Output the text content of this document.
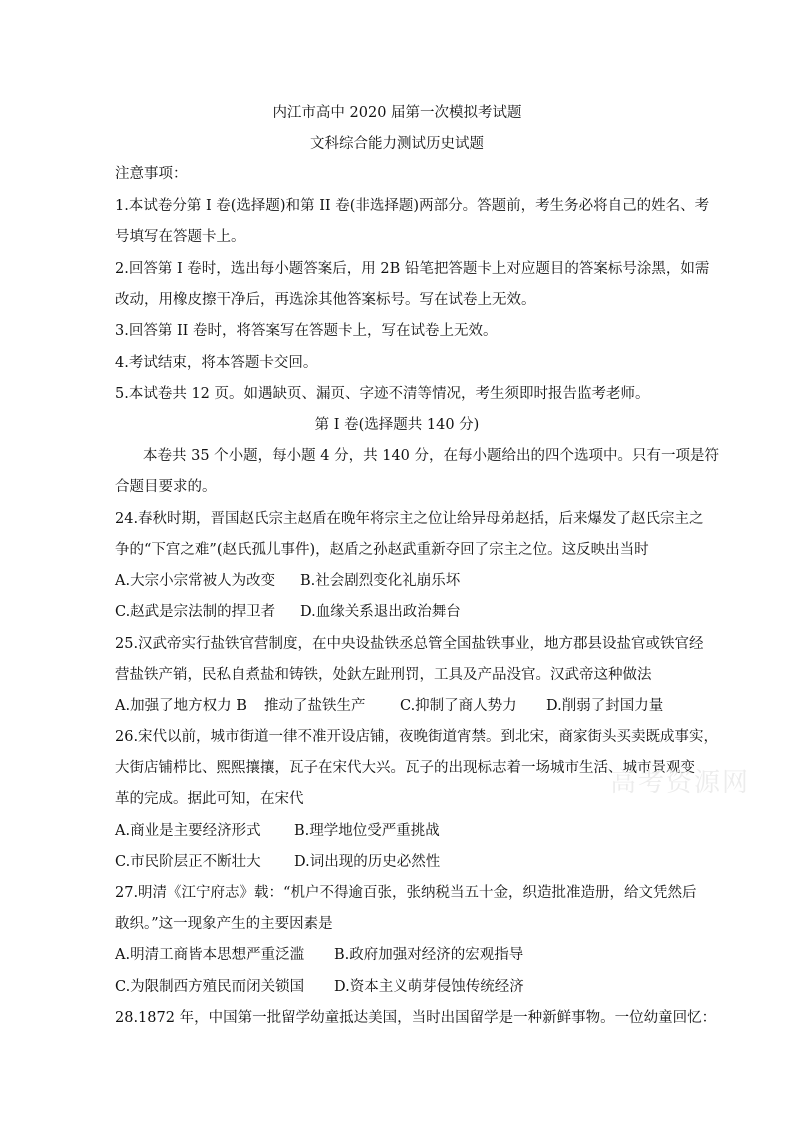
内江市高中 2020 届第一次模拟考试题
文科综合能力测试历史试题
注意事项：
1.本试卷分第 I 卷(选择题)和第 II 卷(非选择题)两部分。答题前，考生务必将自己的姓名、考
号填写在答题卡上。
2.回答第 I 卷时，选出每小题答案后，用 2B 铅笔把答题卡上对应题目的答案标号涂黑，如需
改动，用橡皮擦干净后，再选涂其他答案标号。写在试卷上无效。
3.回答第 II 卷时，将答案写在答题卡上，写在试卷上无效。
4.考试结束，将本答题卡交回。
5.本试卷共 12 页。如遇缺页、漏页、字迹不清等情况，考生须即时报告监考老师。
第 I 卷(选择题共 140 分)
本卷共 35 个小题，每小题 4 分，共 140 分，在每小题给出的四个选项中。只有一项是符
合题目要求的。
24.春秋时期，晋国赵氏宗主赵盾在晚年将宗主之位让给异母弟赵括，后来爆发了赵氏宗主之
争的“下宫之难”(赵氏孤儿事件)，赵盾之孙赵武重新夺回了宗主之位。这反映出当时
A.大宗小宗常被人为改变 B.社会剧烈变化礼崩乐坏
C.赵武是宗法制的捍卫者 D.血缘关系退出政治舞台
25.汉武帝实行盐铁官营制度，在中央设盐铁丞总管全国盐铁事业，地方郡县设盐官或铁官经
营盐铁产销，民私自煮盐和铸铁，处釱左趾刑罚，工具及产品没官。汉武帝这种做法
A.加强了地方权力 B 推动了盐铁生产 C.抑制了商人势力 D.削弱了封国力量
26.宋代以前，城市街道一律不准开设店铺，夜晚街道宵禁。到北宋，商家街头买卖既成事实，
大街店铺栉比、熙熙攘攘，瓦子在宋代大兴。瓦子的出现标志着一场城市生活、城市景观变
革的完成。据此可知，在宋代
A.商业是主要经济形式 B.理学地位受严重挑战
C.市民阶层正不断壮大 D.词出现的历史必然性
27.明清《江宁府志》载：“机户不得逾百张，张纳税当五十金，织造批准造册，给文凭然后
敢织。”这一现象产生的主要因素是
A.明清工商皆本思想严重泛滥 B.政府加强对经济的宏观指导
C.为限制西方殖民而闭关锁国 D.资本主义萌芽侵蚀传统经济
28.1872 年，中国第一批留学幼童抵达美国，当时出国留学是一种新鲜事物。一位幼童回忆：
高考资源网
